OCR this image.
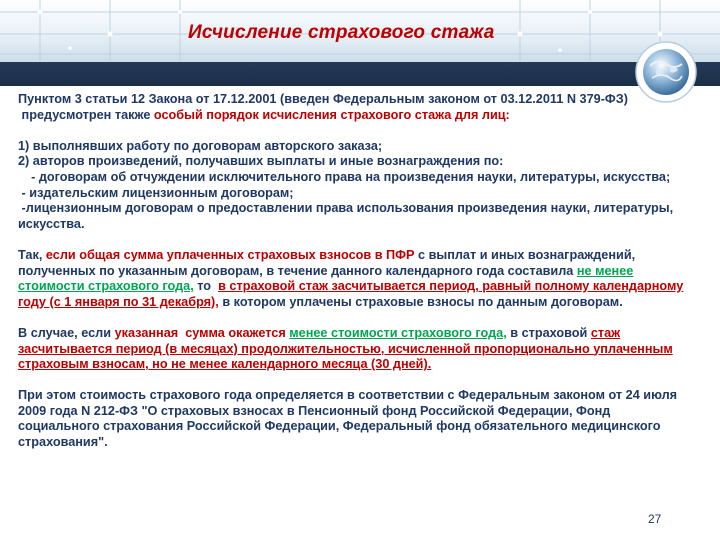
Исчисление страхового стажа

Пунктом 3 статьи 12 Закона от 17.12.2001 (введен Федеральным законом от 03.12.2011 N 379-ФЗ)
предусмотрен также особый порядок исчисления страхового стажа для лиц:

1) выполнявших работу по договорам авторского заказа;

2) авторов произведений, получавших выплаты и иные вознаграждения по:

- договорам об отчуждении исключительного права на произведения науки, литературы, искусства;

- издательским лицензионным договорам;

-лицензионным договорам о предоставлении права использования произведения науки, литературы, искусства.

Так, если общая сумма уплаченных страховых взносов в ПФР с выплат и иных вознаграждений, полученных по указанным договорам, в течение данного календарного года составила не менее стоимости страхового года, то  в страховой стаж засчитывается период, равный полному календарному году (с 1 января по 31 декабря), в котором уплачены страховые взносы по данным договорам.

В случае, если указанная  сумма окажется менее стоимости страхового года, в страховой стаж засчитывается период (в месяцах) продолжительностью, исчисленной пропорционально уплаченным страховым взносам, но не менее календарного месяца (30 дней).

При этом стоимость страхового года определяется в соответствии с Федеральным законом от 24 июля 2009 года N 212-ФЗ "О страховых взносах в Пенсионный фонд Российской Федерации, Фонд социального страхования Российской Федерации, Федеральный фонд обязательного медицинского страхования".

27
